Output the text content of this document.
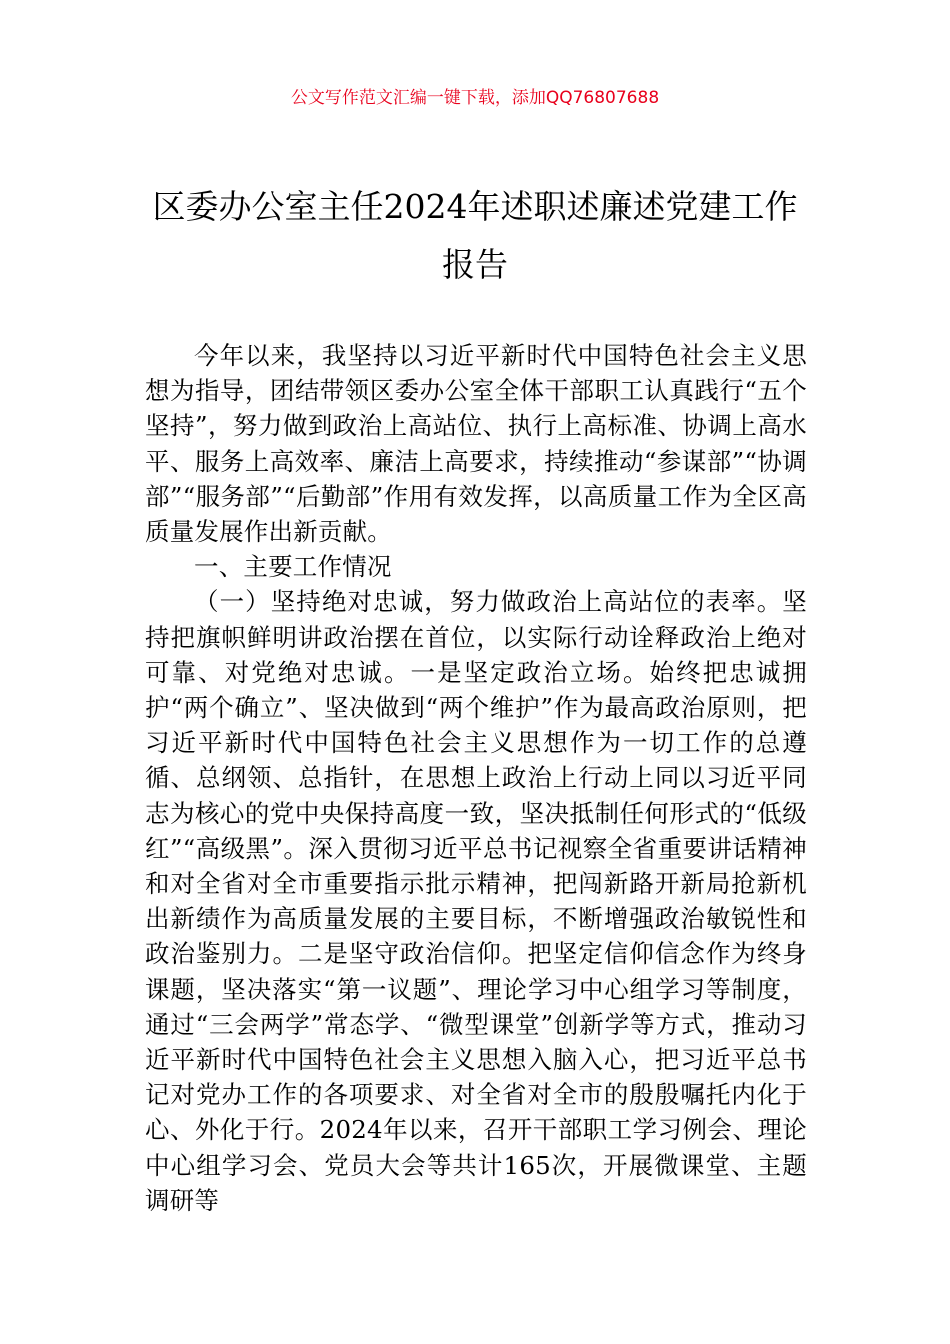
公文写作范文汇编一键下载，添加QQ76807688
区委办公室主任2024年述职述廉述党建工作报告

今年以来，我坚持以习近平新时代中国特色社会主义思想为指导，团结带领区委办公室全体干部职工认真践行“五个坚持”，努力做到政治上高站位、执行上高标准、协调上高水平、服务上高效率、廉洁上高要求，持续推动“参谋部”“协调部”“服务部”“后勤部”作用有效发挥，以高质量工作为全区高质量发展作出新贡献。

一、主要工作情况

（一）坚持绝对忠诚，努力做政治上高站位的表率。坚持把旗帜鲜明讲政治摆在首位，以实际行动诠释政治上绝对可靠、对党绝对忠诚。一是坚定政治立场。始终把忠诚拥护“两个确立”、坚决做到“两个维护”作为最高政治原则，把习近平新时代中国特色社会主义思想作为一切工作的总遵循、总纲领、总指针，在思想上政治上行动上同以习近平同志为核心的党中央保持高度一致，坚决抵制任何形式的“低级红”“高级黑”。深入贯彻习近平总书记视察全省重要讲话精神和对全省对全市重要指示批示精神，把闯新路开新局抢新机出新绩作为高质量发展的主要目标，不断增强政治敏锐性和政治鉴别力。二是坚守政治信仰。把坚定信仰信念作为终身课题，坚决落实“第一议题”、理论学习中心组学习等制度，通过“三会两学”常态学、“微型课堂”创新学等方式，推动习近平新时代中国特色社会主义思想入脑入心，把习近平总书记对党办工作的各项要求、对全省对全市的殷殷嘱托内化于心、外化于行。2024年以来，召开干部职工学习例会、理论中心组学习会、党员大会等共计165次，开展微课堂、主题调研等
